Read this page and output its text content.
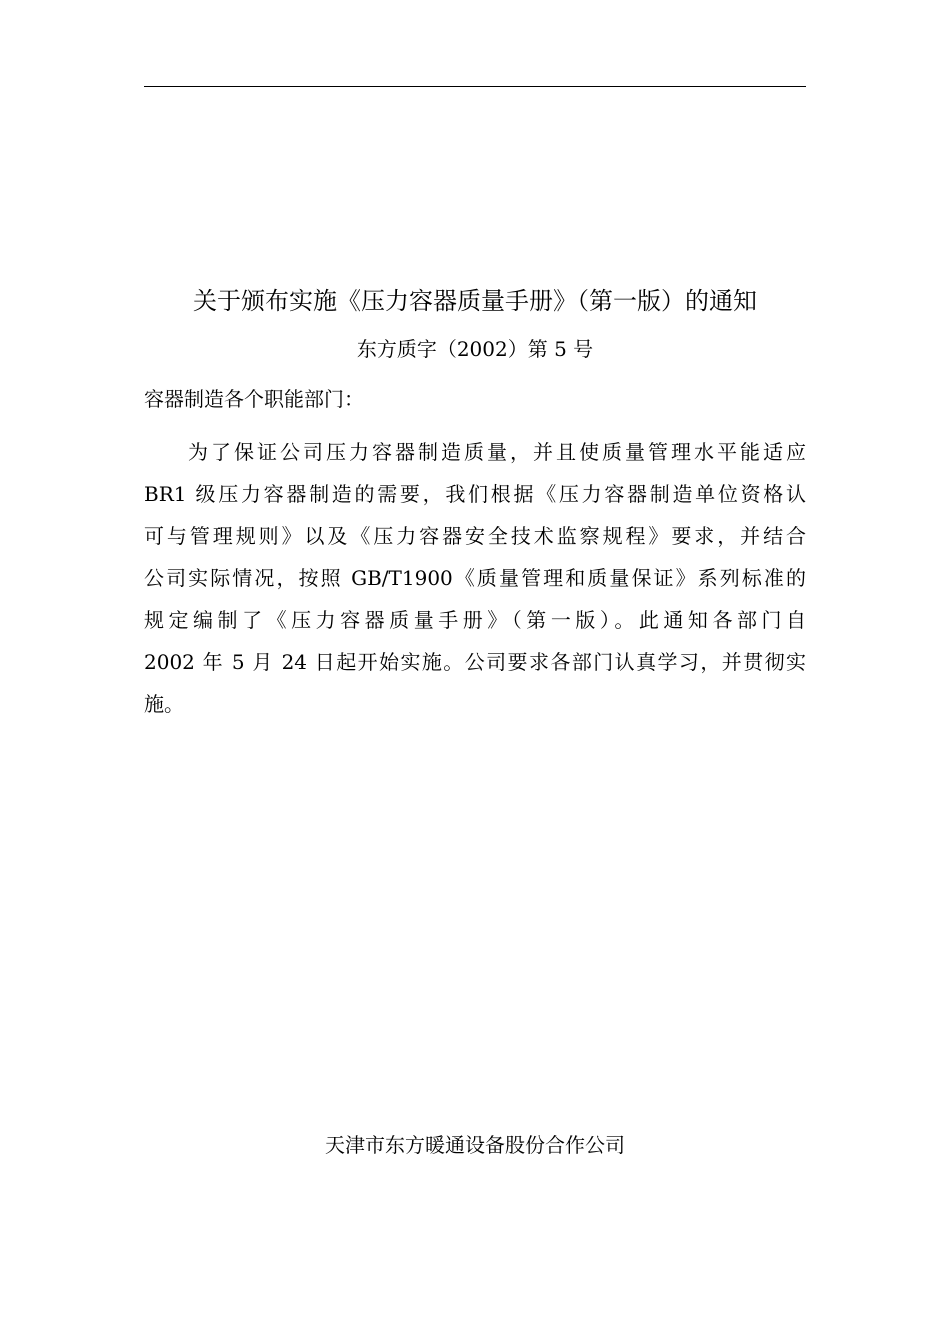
关于颁布实施《压力容器质量手册》（第一版）的通知
东方质字（2002）第 5 号
容器制造各个职能部门：
为了保证公司压力容器制造质量，并且使质量管理水平能适应
BR1 级压力容器制造的需要，我们根据《压力容器制造单位资格认
可与管理规则》以及《压力容器安全技术监察规程》要求，并结合
公司实际情况，按照 GB/T1900《质量管理和质量保证》系列标准的
规定编制了《压力容器质量手册》（第一版）。此通知各部门自
2002 年 5 月 24 日起开始实施。公司要求各部门认真学习，并贯彻实
施。
天津市东方暖通设备股份合作公司
